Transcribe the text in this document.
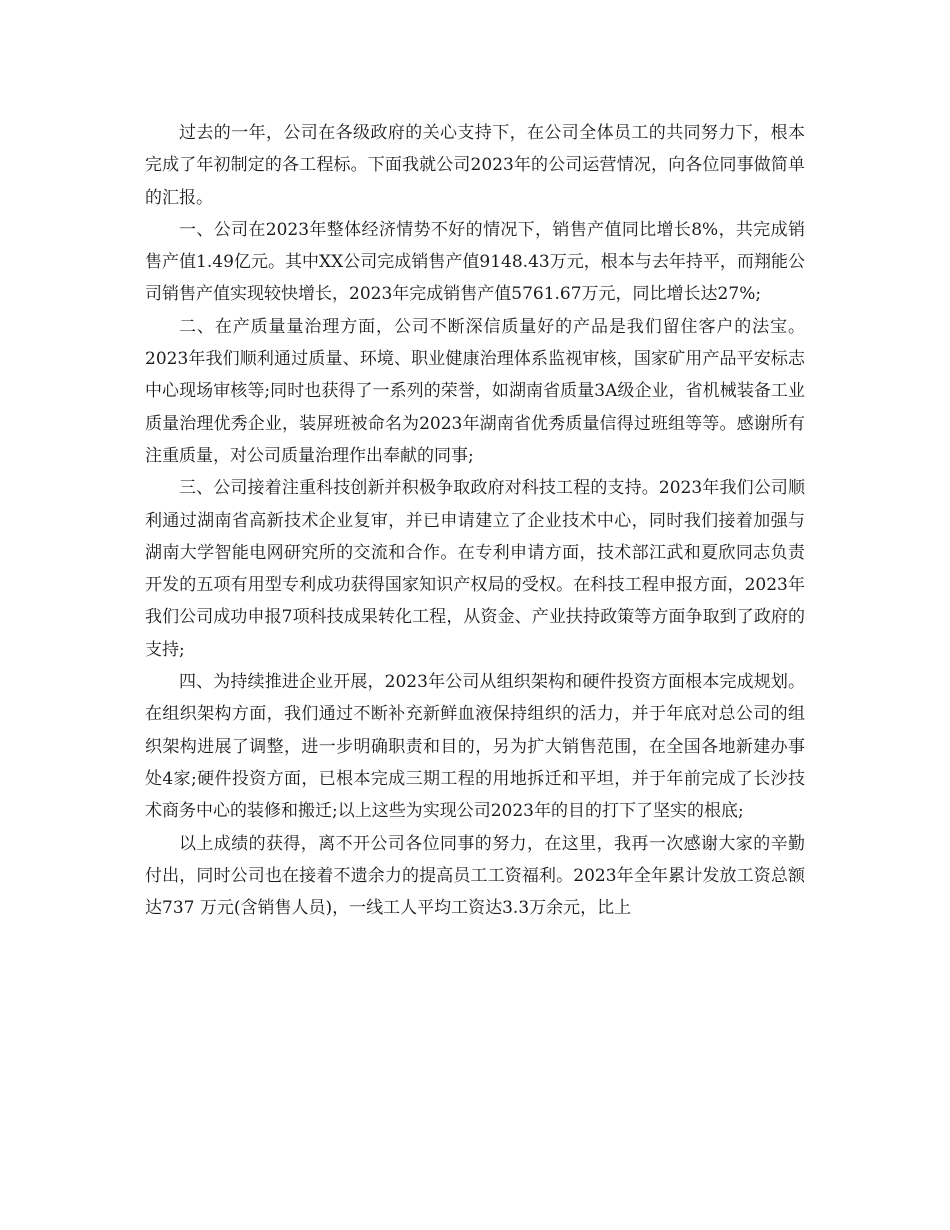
过去的一年，公司在各级政府的关心支持下，在公司全体员工的共同努力下，根本完成了年初制定的各工程标。下面我就公司2023年的公司运营情况，向各位同事做简单的汇报。

一、公司在2023年整体经济情势不好的情况下，销售产值同比增长8%，共完成销售产值1.49亿元。其中XX公司完成销售产值9148.43万元，根本与去年持平，而翔能公司销售产值实现较快增长，2023年完成销售产值5761.67万元，同比增长达27%;

二、在产质量量治理方面，公司不断深信质量好的产品是我们留住客户的法宝。2023年我们顺利通过质量、环境、职业健康治理体系监视审核，国家矿用产品平安标志中心现场审核等;同时也获得了一系列的荣誉，如湖南省质量3A级企业，省机械装备工业质量治理优秀企业，装屏班被命名为2023年湖南省优秀质量信得过班组等等。感谢所有注重质量，对公司质量治理作出奉献的同事;

三、公司接着注重科技创新并积极争取政府对科技工程的支持。2023年我们公司顺利通过湖南省高新技术企业复审，并已申请建立了企业技术中心，同时我们接着加强与湖南大学智能电网研究所的交流和合作。在专利申请方面，技术部江武和夏欣同志负责开发的五项有用型专利成功获得国家知识产权局的受权。在科技工程申报方面，2023年我们公司成功申报7项科技成果转化工程，从资金、产业扶持政策等方面争取到了政府的支持;

四、为持续推进企业开展，2023年公司从组织架构和硬件投资方面根本完成规划。在组织架构方面，我们通过不断补充新鲜血液保持组织的活力，并于年底对总公司的组织架构进展了调整，进一步明确职责和目的，另为扩大销售范围，在全国各地新建办事处4家;硬件投资方面，已根本完成三期工程的用地拆迁和平坦，并于年前完成了长沙技术商务中心的装修和搬迁;以上这些为实现公司2023年的目的打下了坚实的根底;

以上成绩的获得，离不开公司各位同事的努力，在这里，我再一次感谢大家的辛勤付出，同时公司也在接着不遗余力的提高员工工资福利。2023年全年累计发放工资总额达737 万元(含销售人员)，一线工人平均工资达3.3万余元，比上
